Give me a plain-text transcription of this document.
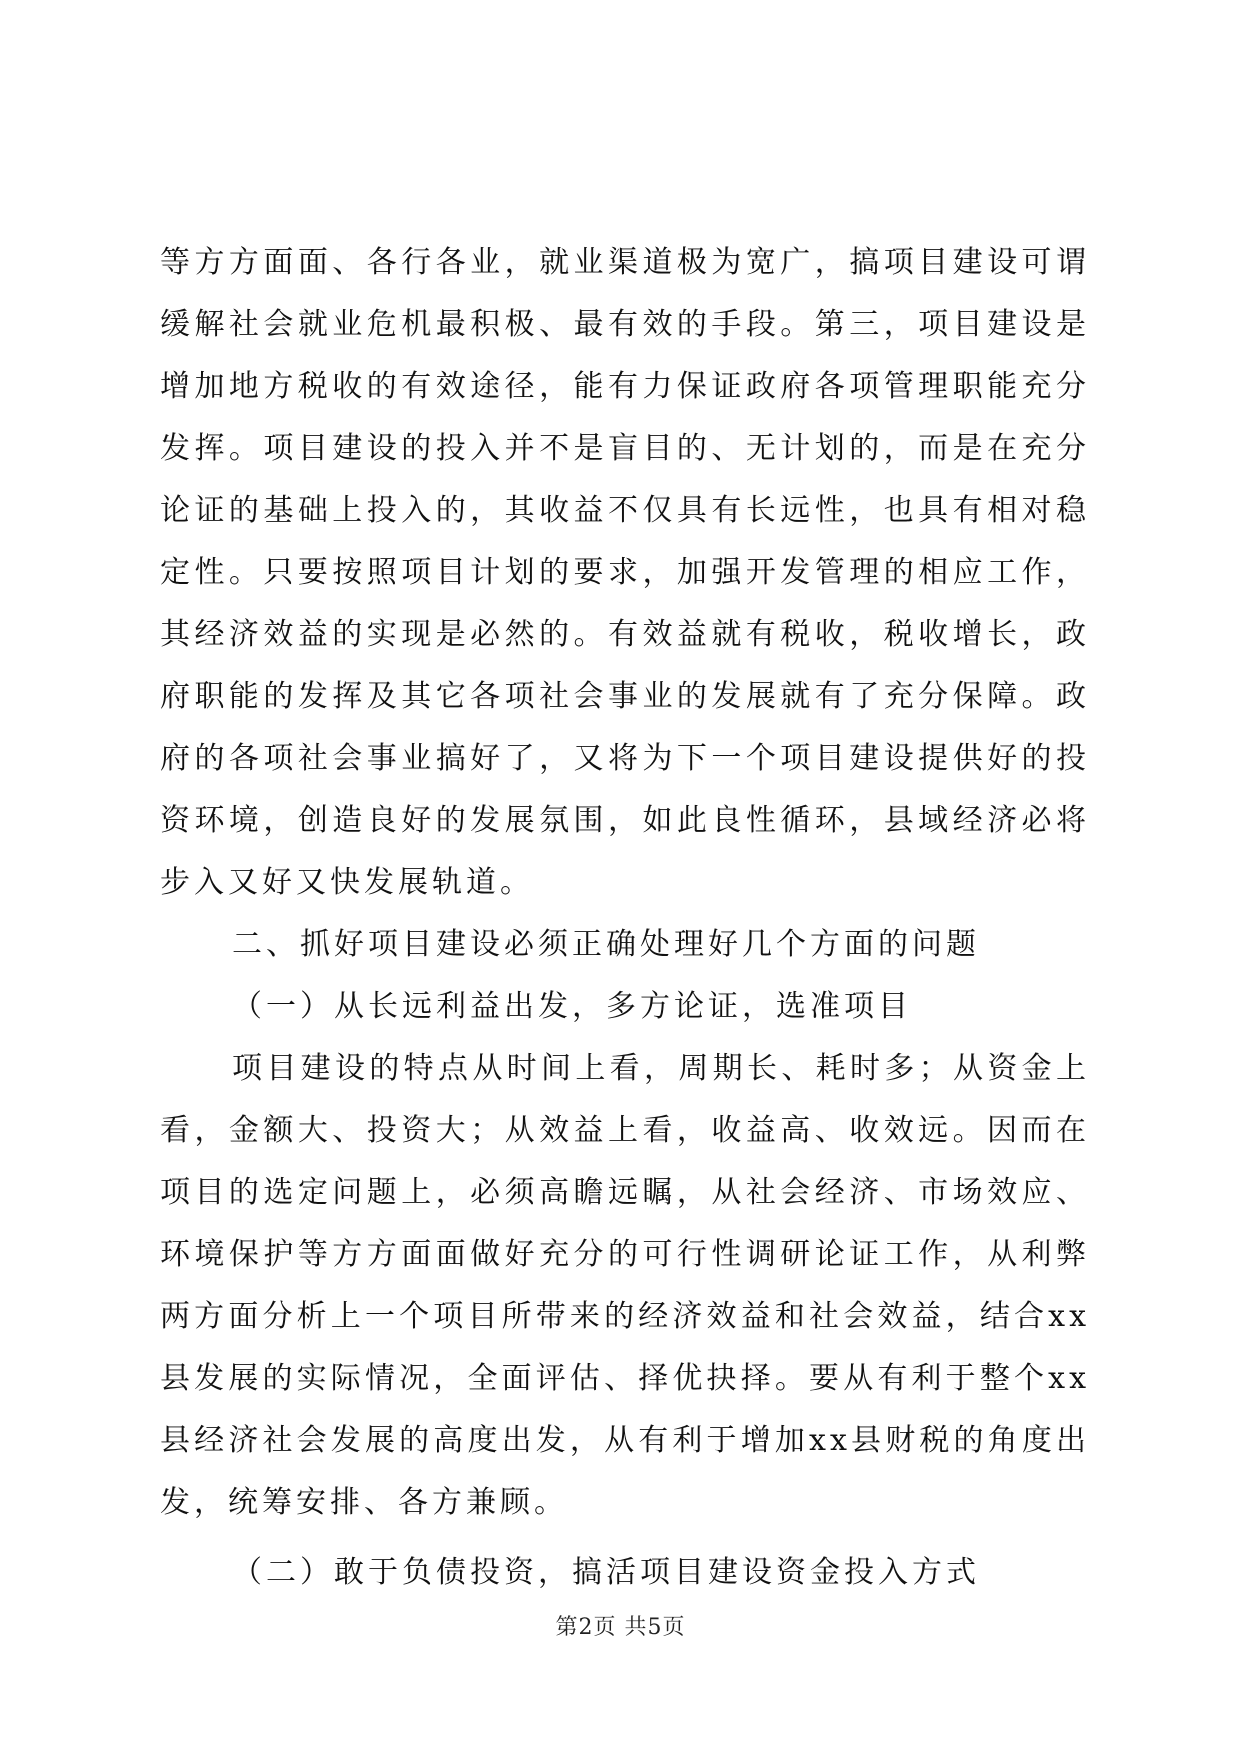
等方方面面、各行各业，就业渠道极为宽广，搞项目建设可谓缓解社会就业危机最积极、最有效的手段。第三，项目建设是增加地方税收的有效途径，能有力保证政府各项管理职能充分发挥。项目建设的投入并不是盲目的、无计划的，而是在充分论证的基础上投入的，其收益不仅具有长远性，也具有相对稳定性。只要按照项目计划的要求，加强开发管理的相应工作，其经济效益的实现是必然的。有效益就有税收，税收增长，政府职能的发挥及其它各项社会事业的发展就有了充分保障。政府的各项社会事业搞好了，又将为下一个项目建设提供好的投资环境，创造良好的发展氛围，如此良性循环，县域经济必将步入又好又快发展轨道。

二、抓好项目建设必须正确处理好几个方面的问题

（一）从长远利益出发，多方论证，选准项目

项目建设的特点从时间上看，周期长、耗时多；从资金上看，金额大、投资大；从效益上看，收益高、收效远。因而在项目的选定问题上，必须高瞻远瞩，从社会经济、市场效应、环境保护等方方面面做好充分的可行性调研论证工作，从利弊两方面分析上一个项目所带来的经济效益和社会效益，结合xx县发展的实际情况，全面评估、择优抉择。要从有利于整个xx县经济社会发展的高度出发，从有利于增加xx县财税的角度出发，统筹安排、各方兼顾。

（二）敢于负债投资，搞活项目建设资金投入方式

第2页 共5页
